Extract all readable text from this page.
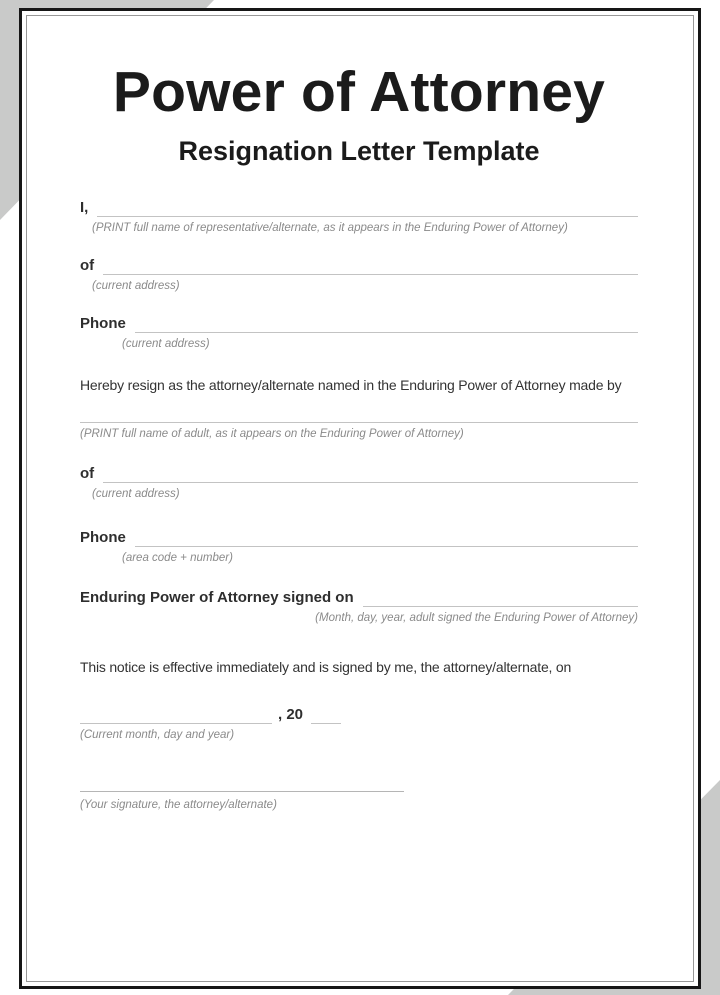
Power of Attorney
Resignation Letter Template
I,
(PRINT full name of representative/alternate, as it appears in the Enduring Power of Attorney)
of
(current address)
Phone
(current address)

Hereby resign as the attorney/alternate named in the Enduring Power of Attorney made by

(PRINT full name of adult, as it appears on the Enduring Power of Attorney)
of
(current address)
Phone
(area code + number)
Enduring Power of Attorney signed on
(Month, day, year, adult signed the Enduring Power of Attorney)

This notice is effective immediately and is signed by me, the attorney/alternate, on

, 20
(Current month, day and year)
(Your signature, the attorney/alternate)
